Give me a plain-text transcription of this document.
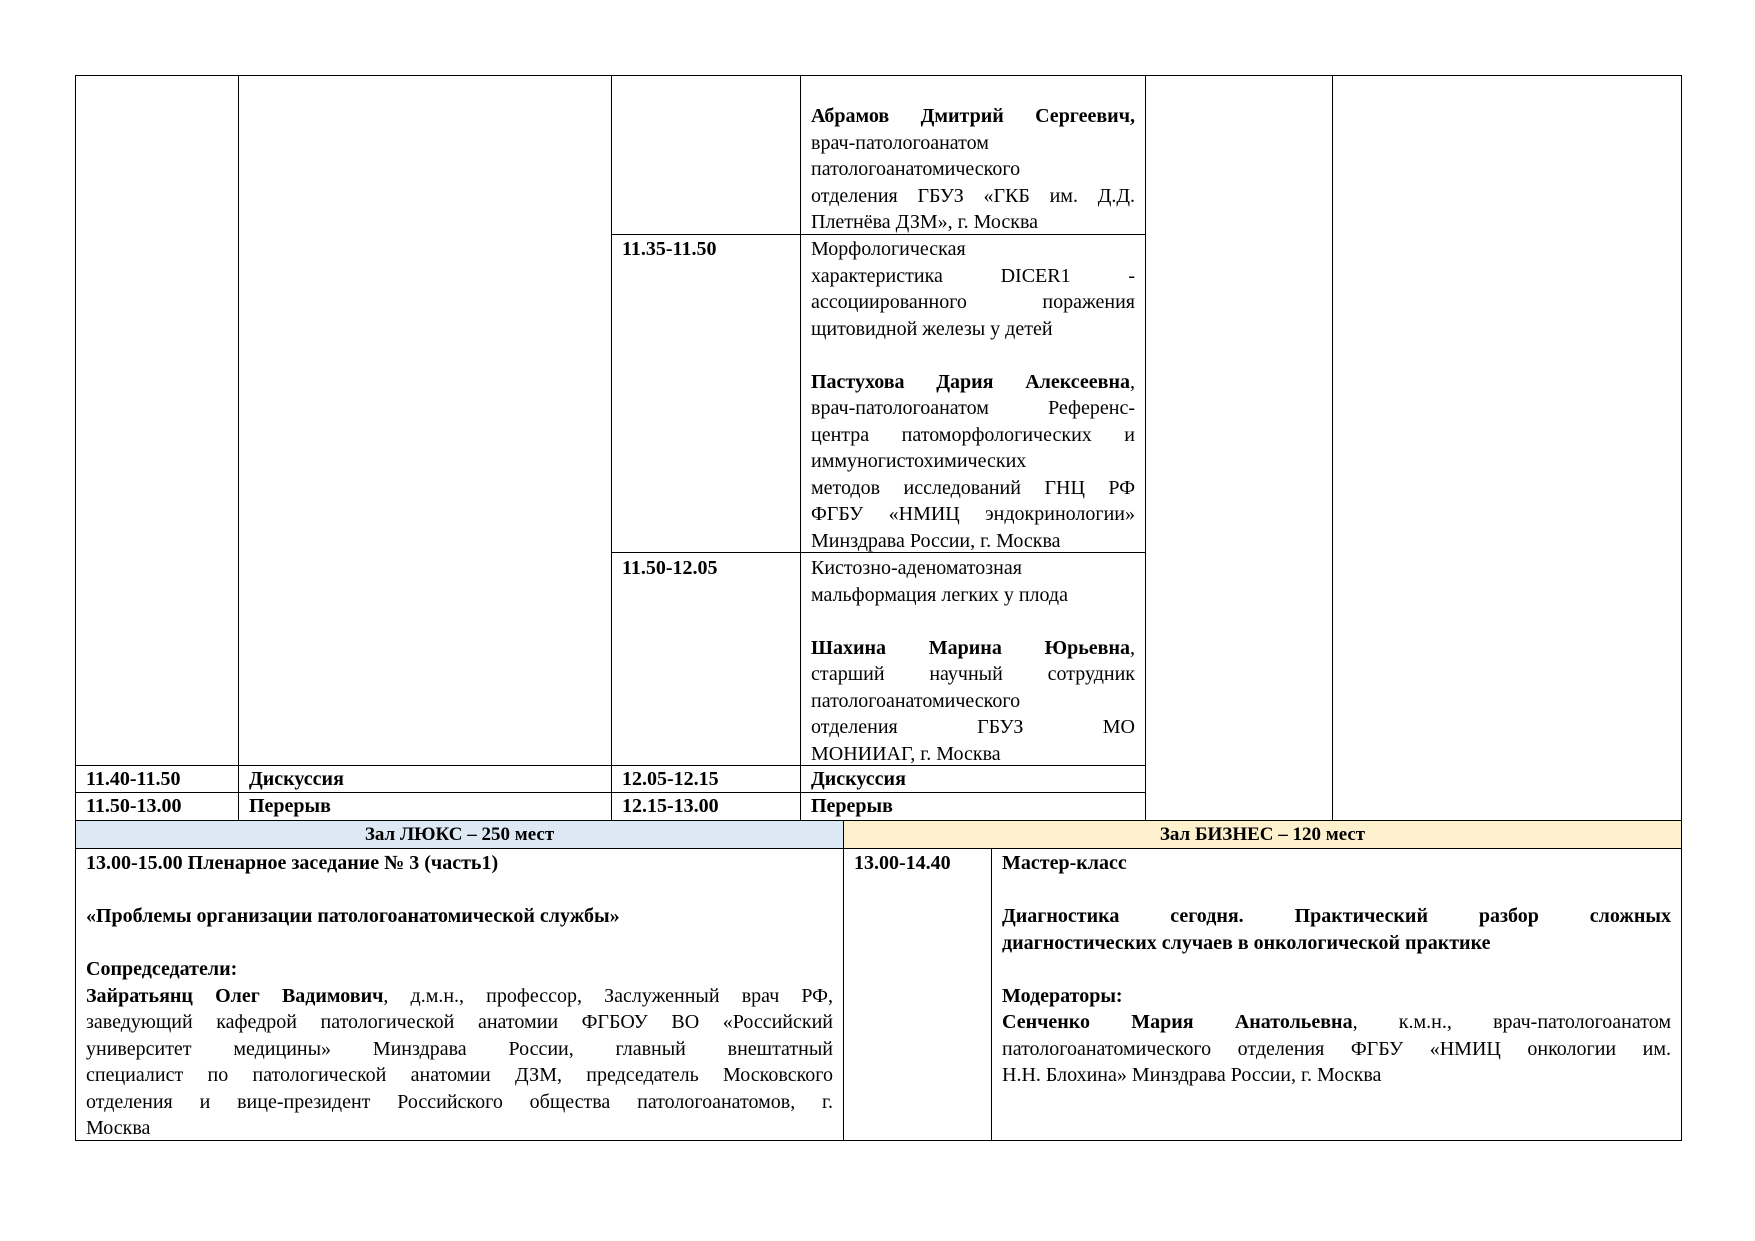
Зал ЛЮКС – 250 мест	Зал БИЗНЕС – 120 мест

Абрамов Дмитрий Сергеевич,

врач-патологоанатом
патологоанатомического

отделения ГБУЗ «ГКБ им. Д.Д.
Плетнёва ДЗМ», г. Москва

11.35-11.50	Морфологическая
характеристика DICER1 -
ассоциированного поражения
щитовидной железы у детей

Пастухова Дария Алексеевна,

врач-патологоанатом Референс-
центра патоморфологических и
иммуногистохимических
методов исследований ГНЦ РФ
ФГБУ «НМИЦ эндокринологии»
Минздрава России, г. Москва

11.50-12.05	Кистозно-аденоматозная
мальформация легких у плода

Шахина Марина Юрьевна,

старший научный сотрудник
патологоанатомического
отделения ГБУЗ МО
МОНИИАГ, г. Москва

11.40-11.50	Дискуссия	12.05-12.15	Дискуссия
11.50-13.00	Перерыв	12.15-13.00	Перерыв

13.00-15.00 Пленарное заседание № 3 (часть1)

«Проблемы организации патологоанатомической службы»

Сопредседатели:

Зайратьянц Олег Вадимович, д.м.н., профессор, Заслуженный врач РФ,
заведующий кафедрой патологической анатомии ФГБОУ ВО «Российский
университет медицины» Минздрава России, главный внештатный
специалист по патологической анатомии ДЗМ, председатель Московского
отделения и вице-президент Российского общества патологоанатомов, г.
Москва

13.00-14.40	Мастер-класс

Диагностика сегодня. Практический разбор сложных
диагностических случаев в онкологической практике

Модераторы:

Сенченко Мария Анатольевна, к.м.н., врач-патологоанатом
патологоанатомического отделения ФГБУ «НМИЦ онкологии им.
Н.Н. Блохина» Минздрава России, г. Москва
